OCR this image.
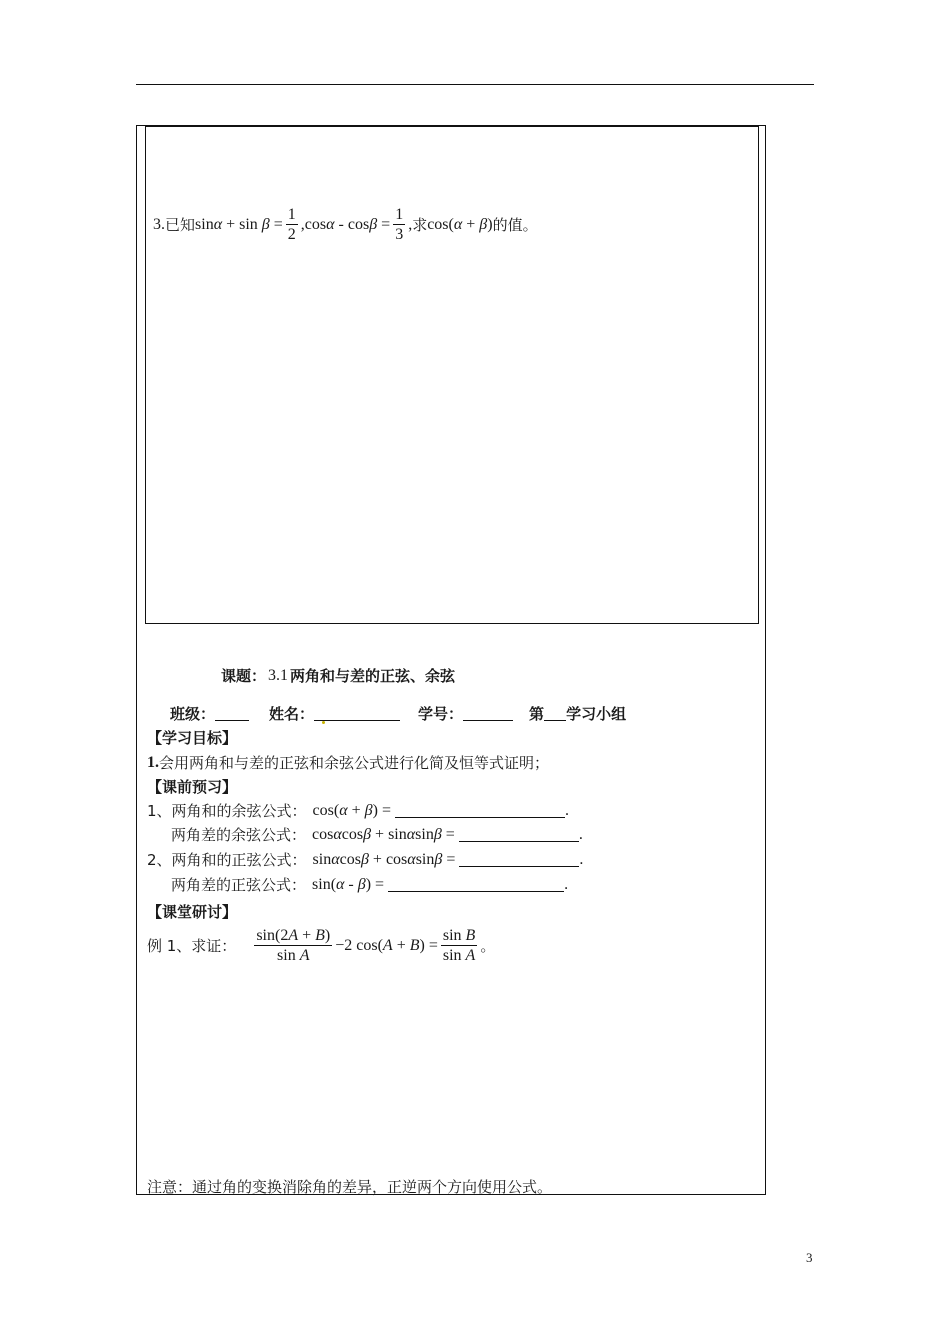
3. 已知 $\sin\alpha + \sin \beta = \frac{1}{2} ,\cos\alpha - \cos\beta = \frac{1}{3}$ , 求 cos(α + β) 的值。
课题： 3.1 两角和与差的正弦、余弦
班级：	姓名：	学号：	第 学习小组
【学习目标】
1. 会用两角和与差的正弦和余弦公式进行化简及恒等式证明；
【课前预习】
1、两角和的余弦公式： cos(α + β) =	.
两角差的余弦公式： cosαcosβ + sinαsinβ =	.
2、两角和的正弦公式： sinαcosβ + cosαsinβ =	.
两角差的正弦公式： sin(α - β) =	.
【课堂研讨】
例 1、求证： $\frac{\sin(2A + B)}{\text{sin A}} -2$ $\cos(A + B) = \frac{\text{sin B}}{\text{sin A}}$ 。
注意：通过角的变换消除角的差异，正逆两个方向使用公式。
3
